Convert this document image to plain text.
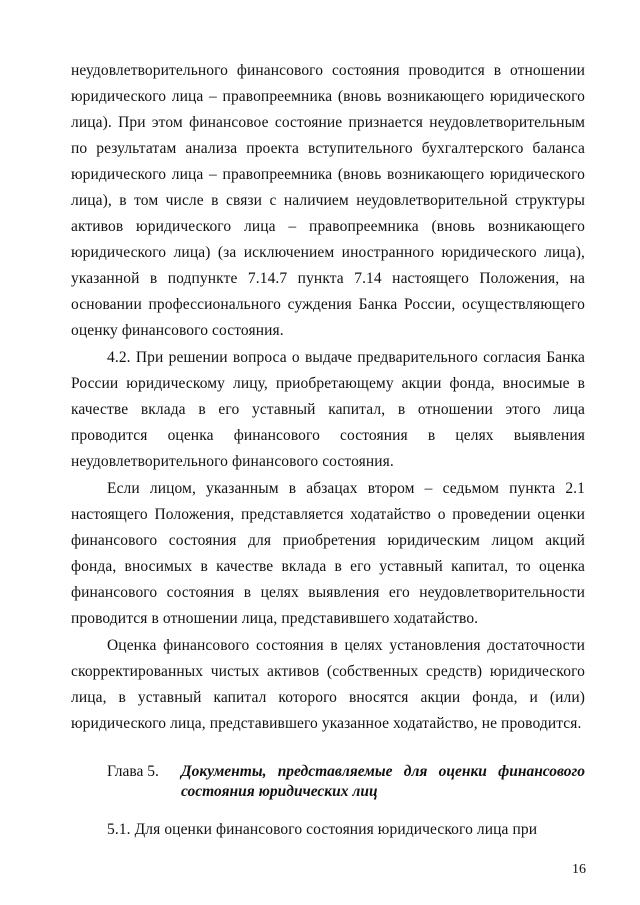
неудовлетворительного финансового состояния проводится в отношении юридического лица – правопреемника (вновь возникающего юридического лица). При этом финансовое состояние признается неудовлетворительным по результатам анализа проекта вступительного бухгалтерского баланса юридического лица – правопреемника (вновь возникающего юридического лица), в том числе в связи с наличием неудовлетворительной структуры активов юридического лица – правопреемника (вновь возникающего юридического лица) (за исключением иностранного юридического лица), указанной в подпункте 7.14.7 пункта 7.14 настоящего Положения, на основании профессионального суждения Банка России, осуществляющего оценку финансового состояния.

4.2. При решении вопроса о выдаче предварительного согласия Банка России юридическому лицу, приобретающему акции фонда, вносимые в качестве вклада в его уставный капитал, в отношении этого лица проводится оценка финансового состояния в целях выявления неудовлетворительного финансового состояния.

Если лицом, указанным в абзацах втором – седьмом пункта 2.1 настоящего Положения, представляется ходатайство о проведении оценки финансового состояния для приобретения юридическим лицом акций фонда, вносимых в качестве вклада в его уставный капитал, то оценка финансового состояния в целях выявления его неудовлетворительности проводится в отношении лица, представившего ходатайство.

Оценка финансового состояния в целях установления достаточности скорректированных чистых активов (собственных средств) юридического лица, в уставный капитал которого вносятся акции фонда, и (или) юридического лица, представившего указанное ходатайство, не проводится.

Глава 5.	Документы, представляемые для оценки финансового состояния юридических лиц

5.1. Для оценки финансового состояния юридического лица при

16
